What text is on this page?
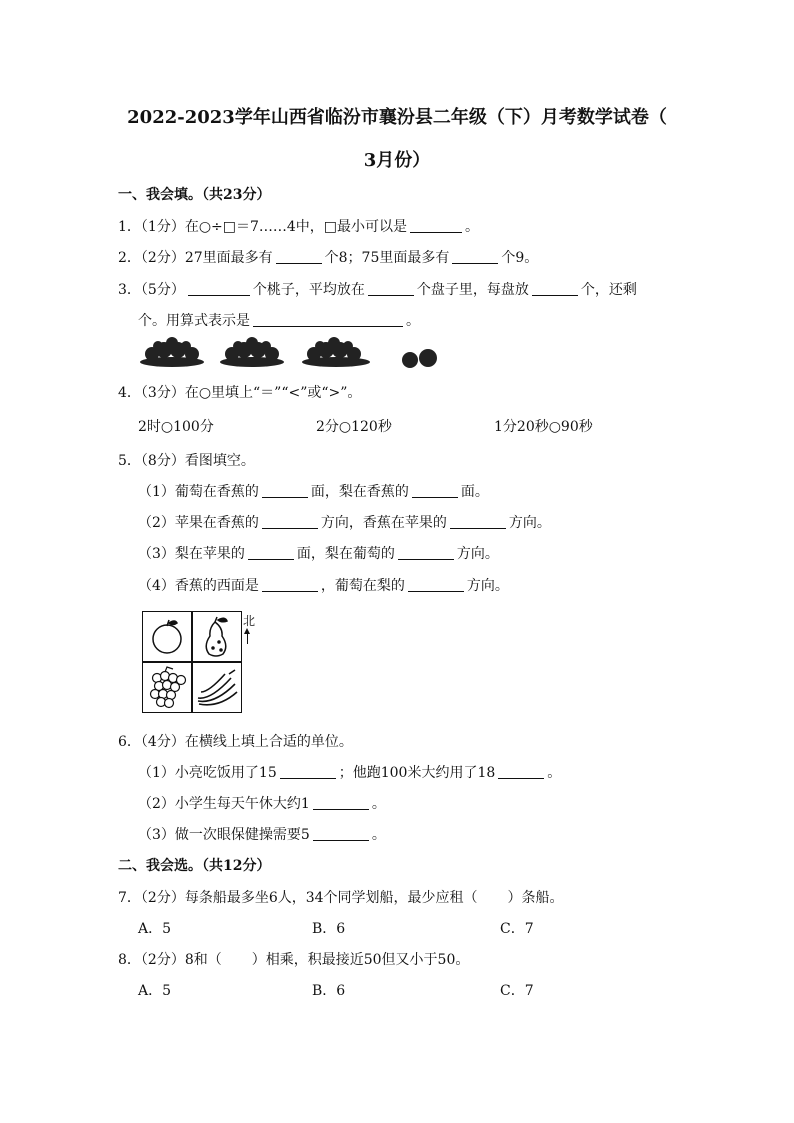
2022-2023学年山西省临汾市襄汾县二年级（下）月考数学试卷（
3月份）
一、我会填。（共23分）
1．（1分）在○÷□＝7……4中，□最小可以是	。
2．（2分）27里面最多有	个8；75里面最多有	个9。
3．（5分）	个桃子，平均放在	个盘子里，每盘放	个，还剩
个。用算式表示是	。
4．（3分）在○里填上“＝”“<”或“>”。
2时○100分	2分○120秒	1分20秒○90秒
5．（8分）看图填空。
（1）葡萄在香蕉的	面，梨在香蕉的	面。
（2）苹果在香蕉的	方向，香蕉在苹果的	方向。
（3）梨在苹果的	面，梨在葡萄的	方向。
（4）香蕉的西面是	，葡萄在梨的	方向。
北
6．（4分）在横线上填上合适的单位。
（1）小亮吃饭用了15	；他跑100米大约用了18	。
（2）小学生每天午休大约1	。
（3）做一次眼保健操需要5	。
二、我会选。（共12分）
7．（2分）每条船最多坐6人，34个同学划船，最少应租（ ）条船。
A．5	B．6	C．7
8．（2分）8和（ ）相乘，积最接近50但又小于50。
A．5	B．6	C．7
